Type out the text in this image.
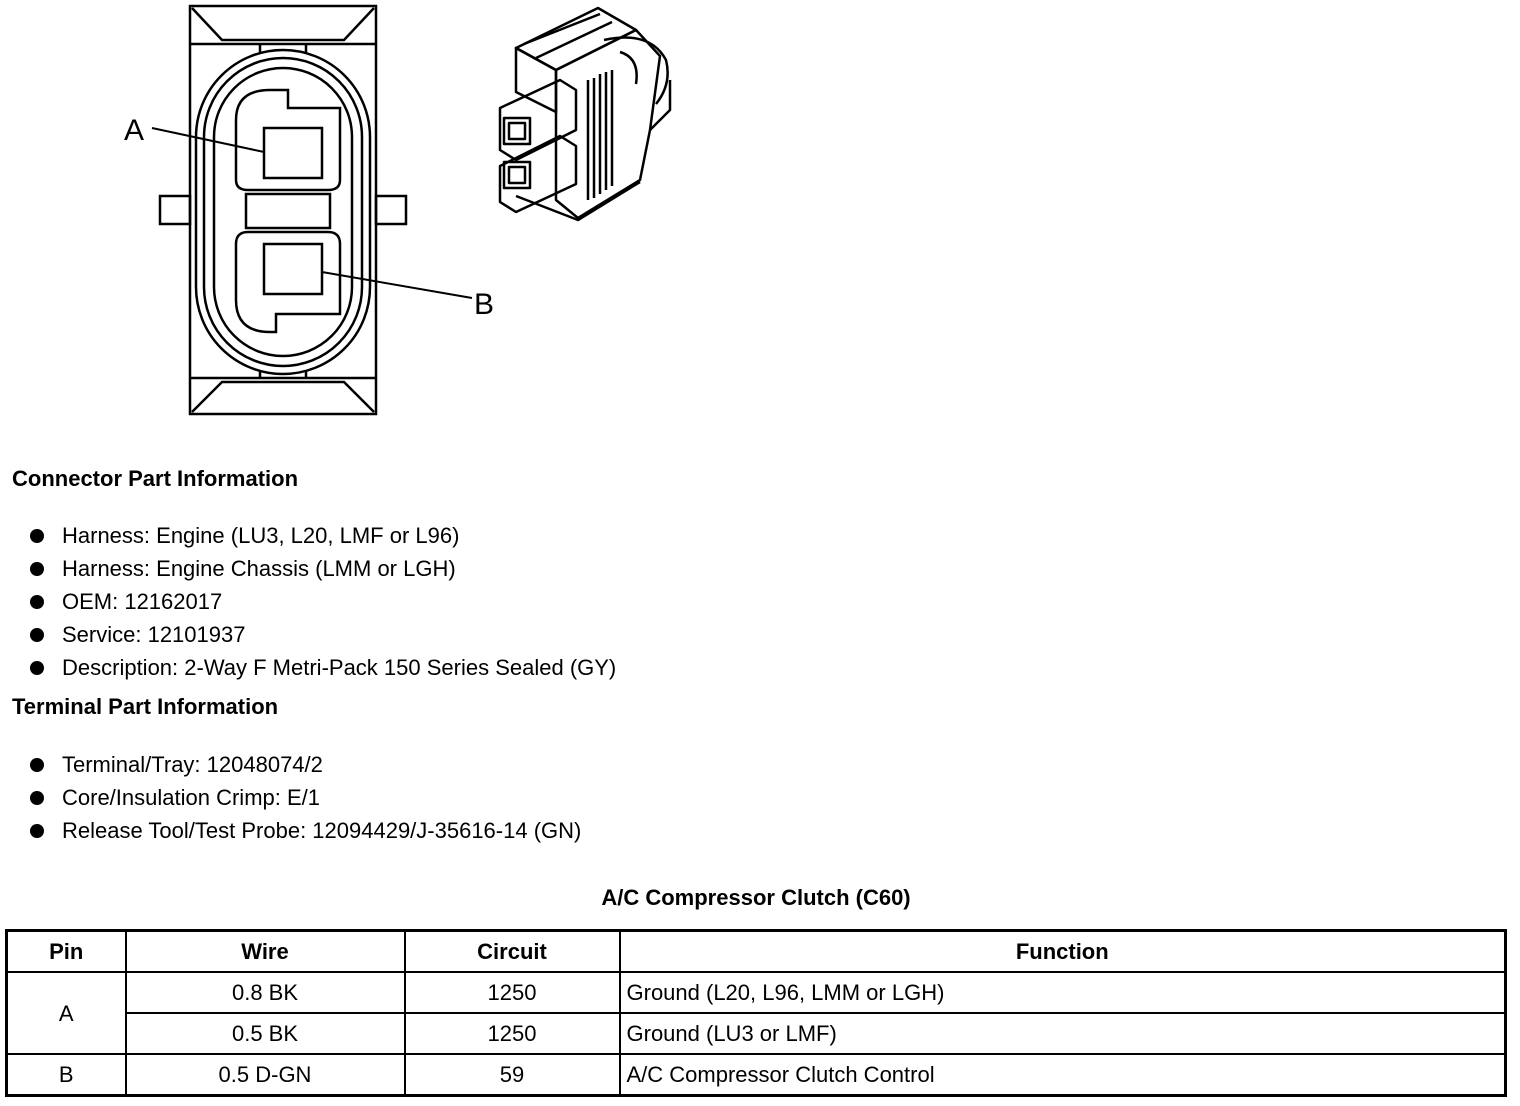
A
B
Connector Part Information
Harness: Engine (LU3, L20, LMF or L96)
Harness: Engine Chassis (LMM or LGH)
OEM: 12162017
Service: 12101937
Description: 2-Way F Metri-Pack 150 Series Sealed (GY)
Terminal Part Information
Terminal/Tray: 12048074/2
Core/Insulation Crimp: E/1
Release Tool/Test Probe: 12094429/J-35616-14 (GN)
A/C Compressor Clutch (C60)
Pin	Wire	Circuit	Function
A	0.8 BK	1250	Ground (L20, L96, LMM or LGH)
	0.5 BK	1250	Ground (LU3 or LMF)
B	0.5 D-GN	59	A/C Compressor Clutch Control
